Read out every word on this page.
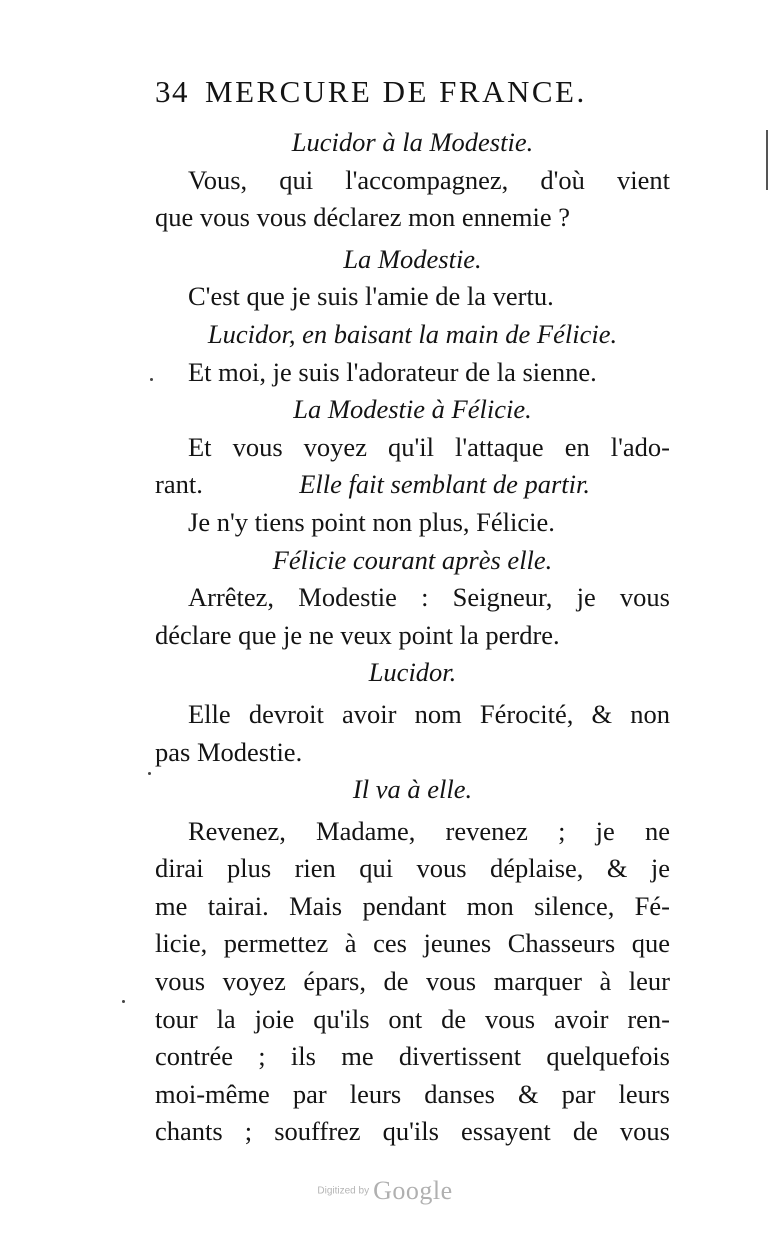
34 MERCURE DE FRANCE.
Lucidor à la Modestie.
Vous, qui l'accompagnez, d'où vient
que vous vous déclarez mon ennemie ?
La Modestie.
C'est que je suis l'amie de la vertu.
Lucidor, en baisant la main de Félicie.
Et moi, je suis l'adorateur de la sienne.
La Modestie à Félicie.
Et vous voyez qu'il l'attaque en l'ado-
rant.	Elle fait semblant de partir.
Je n'y tiens point non plus, Félicie.
Félicie courant après elle.
Arrêtez, Modestie : Seigneur, je vous
déclare que je ne veux point la perdre.
Lucidor.
Elle devroit avoir nom Férocité, & non
pas Modestie.
Il va à elle.
Revenez, Madame, revenez ; je ne
dirai plus rien qui vous déplaise, & je
me tairai. Mais pendant mon silence, Fé-
licie, permettez à ces jeunes Chasseurs que
vous voyez épars, de vous marquer à leur
tour la joie qu'ils ont de vous avoir ren-
contrée ; ils me divertissent quelquefois
moi-même par leurs danses & par leurs
chants ; souffrez qu'ils essayent de vous
Digitized by Google
